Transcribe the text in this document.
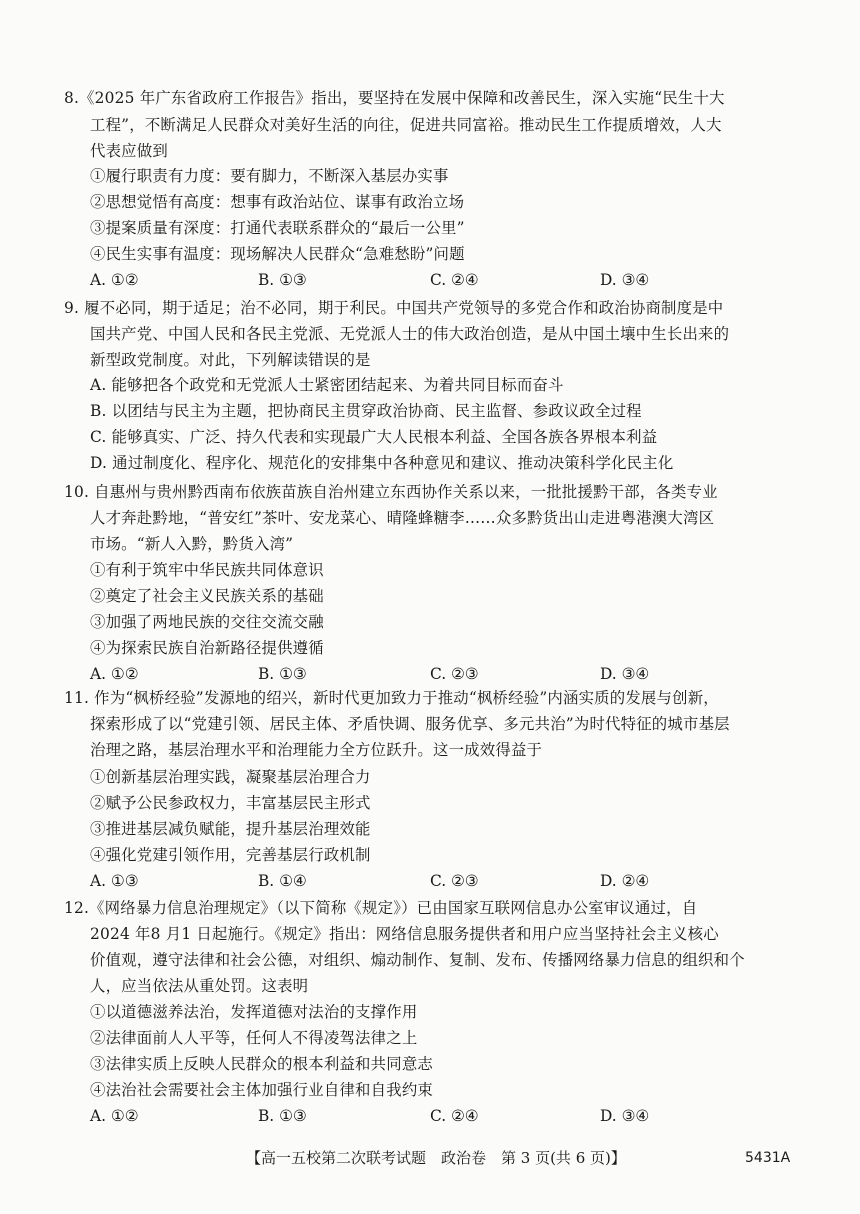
8.《2025 年广东省政府工作报告》指出，要坚持在发展中保障和改善民生，深入实施“民生十大
工程”，不断满足人民群众对美好生活的向往，促进共同富裕。推动民生工作提质增效，人大
代表应做到
①履行职责有力度：要有脚力，不断深入基层办实事
②思想觉悟有高度：想事有政治站位、谋事有政治立场
③提案质量有深度：打通代表联系群众的“最后一公里”
④民生实事有温度：现场解决人民群众“急难愁盼”问题
A. ①②	B. ①③	C. ②④	D. ③④
9. 履不必同，期于适足；治不必同，期于利民。中国共产党领导的多党合作和政治协商制度是中
国共产党、中国人民和各民主党派、无党派人士的伟大政治创造，是从中国土壤中生长出来的
新型政党制度。对此，下列解读错误的是
A. 能够把各个政党和无党派人士紧密团结起来、为着共同目标而奋斗
B. 以团结与民主为主题，把协商民主贯穿政治协商、民主监督、参政议政全过程
C. 能够真实、广泛、持久代表和实现最广大人民根本利益、全国各族各界根本利益
D. 通过制度化、程序化、规范化的安排集中各种意见和建议、推动决策科学化民主化
10. 自惠州与贵州黔西南布依族苗族自治州建立东西协作关系以来，一批批援黔干部，各类专业
人才奔赴黔地，“普安红”茶叶、安龙菜心、晴隆蜂糖李……众多黔货出山走进粤港澳大湾区
市场。“新人入黔，黔货入湾”
①有利于筑牢中华民族共同体意识
②奠定了社会主义民族关系的基础
③加强了两地民族的交往交流交融
④为探索民族自治新路径提供遵循
A. ①②	B. ①③	C. ②③	D. ③④
11. 作为“枫桥经验”发源地的绍兴，新时代更加致力于推动“枫桥经验”内涵实质的发展与创新，
探索形成了以“党建引领、居民主体、矛盾快调、服务优享、多元共治”为时代特征的城市基层
治理之路，基层治理水平和治理能力全方位跃升。这一成效得益于
①创新基层治理实践，凝聚基层治理合力
②赋予公民参政权力，丰富基层民主形式
③推进基层减负赋能，提升基层治理效能
④强化党建引领作用，完善基层行政机制
A. ①③	B. ①④	C. ②③	D. ②④
12.《网络暴力信息治理规定》（以下简称《规定》）已由国家互联网信息办公室审议通过，自
2024 年8 月1 日起施行。《规定》指出：网络信息服务提供者和用户应当坚持社会主义核心
价值观，遵守法律和社会公德，对组织、煽动制作、复制、发布、传播网络暴力信息的组织和个
人，应当依法从重处罚。这表明
①以道德滋养法治，发挥道德对法治的支撑作用
②法律面前人人平等，任何人不得凌驾法律之上
③法律实质上反映人民群众的根本利益和共同意志
④法治社会需要社会主体加强行业自律和自我约束
A. ①②	B. ①③	C. ②④	D. ③④
【高一五校第二次联考试题　政治卷　第 3 页(共 6 页)】	5431A
